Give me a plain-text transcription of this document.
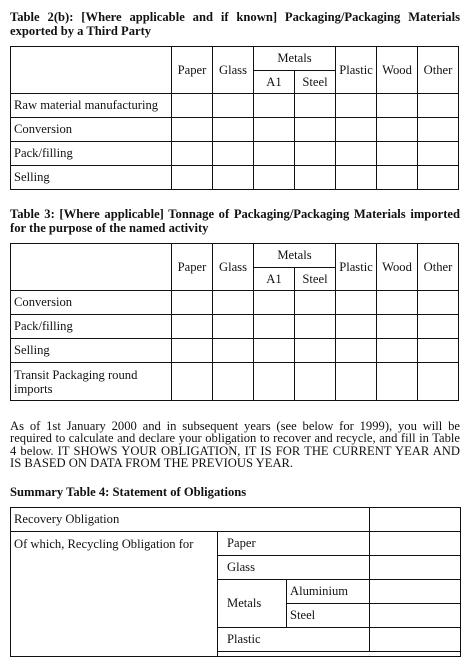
Table 2(b): [Where applicable and if known] Packaging/Packaging Materials exported by a Third Party
	Paper	Glass	Metals		Plastic	Wood	Other
			A1	Steel			
Raw material manufacturing							
Conversion							
Pack/filling							
Selling							
Table 3: [Where applicable] Tonnage of Packaging/Packaging Materials imported for the purpose of the named activity
	Paper	Glass	Metals		Plastic	Wood	Other
			A1	Steel			
Conversion							
Pack/filling							
Selling							
Transit Packaging round imports							
As of 1st January 2000 and in subsequent years (see below for 1999), you will be required to calculate and declare your obligation to recover and recycle, and fill in Table 4 below. IT SHOWS YOUR OBLIGATION, IT IS FOR THE CURRENT YEAR AND IS BASED ON DATA FROM THE PREVIOUS YEAR.
Summary Table 4: Statement of Obligations
Recovery Obligation			
Of which, Recycling Obligation for	Paper		
	Glass		
	Metals	Aluminium	
		Steel	
	Plastic		
